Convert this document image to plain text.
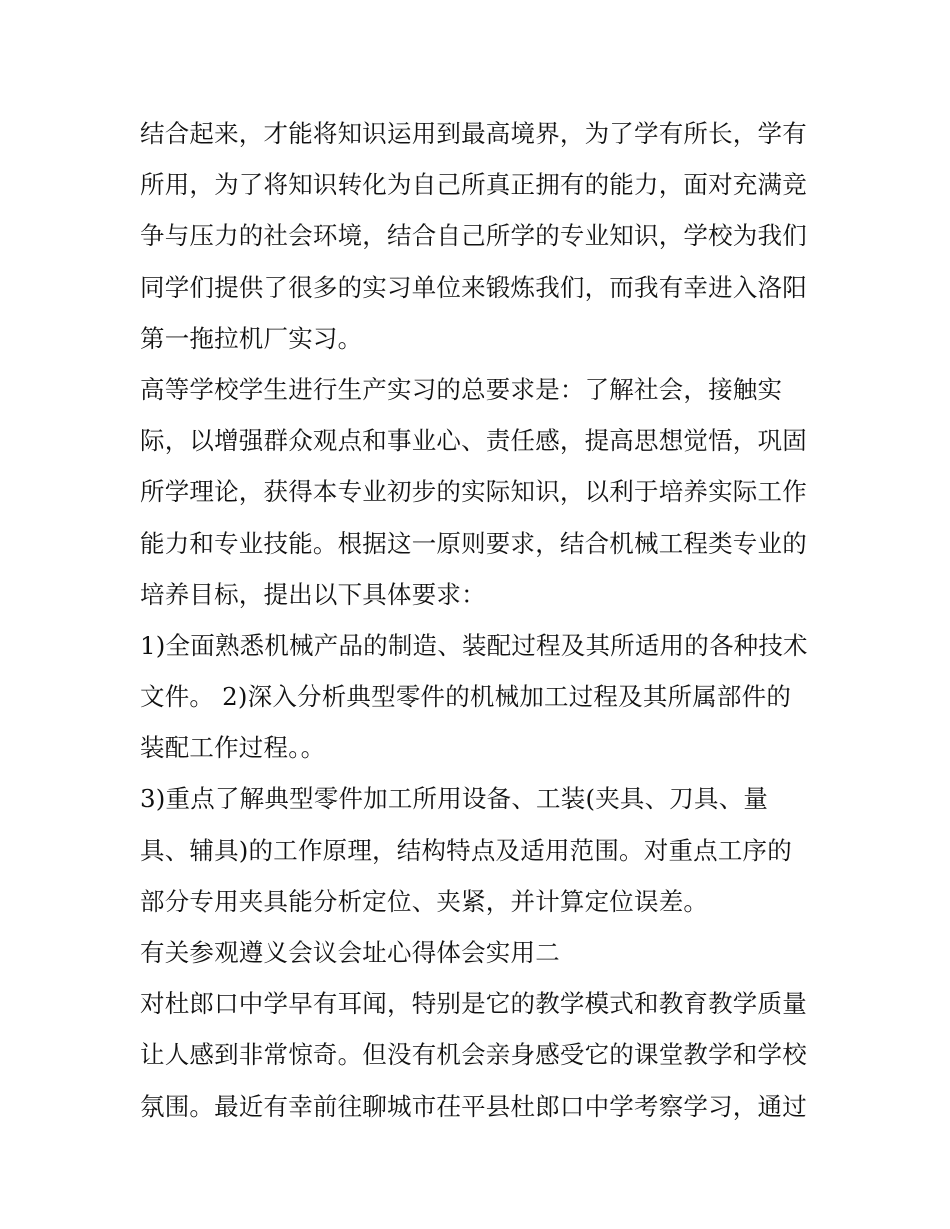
结合起来，才能将知识运用到最高境界，为了学有所长，学有
所用，为了将知识转化为自己所真正拥有的能力，面对充满竞
争与压力的社会环境，结合自己所学的专业知识，学校为我们
同学们提供了很多的实习单位来锻炼我们，而我有幸进入洛阳
第一拖拉机厂实习。
高等学校学生进行生产实习的总要求是：了解社会，接触实
际，以增强群众观点和事业心、责任感，提高思想觉悟，巩固
所学理论，获得本专业初步的实际知识，以利于培养实际工作
能力和专业技能。根据这一原则要求，结合机械工程类专业的
培养目标，提出以下具体要求：
1)全面熟悉机械产品的制造、装配过程及其所适用的各种技术
文件。 2)深入分析典型零件的机械加工过程及其所属部件的
装配工作过程。。
3)重点了解典型零件加工所用设备、工装(夹具、刀具、量
具、辅具)的工作原理，结构特点及适用范围。对重点工序的
部分专用夹具能分析定位、夹紧，并计算定位误差。
有关参观遵义会议会址心得体会实用二
对杜郎口中学早有耳闻，特别是它的教学模式和教育教学质量
让人感到非常惊奇。但没有机会亲身感受它的课堂教学和学校
氛围。最近有幸前往聊城市茌平县杜郎口中学考察学习，通过
